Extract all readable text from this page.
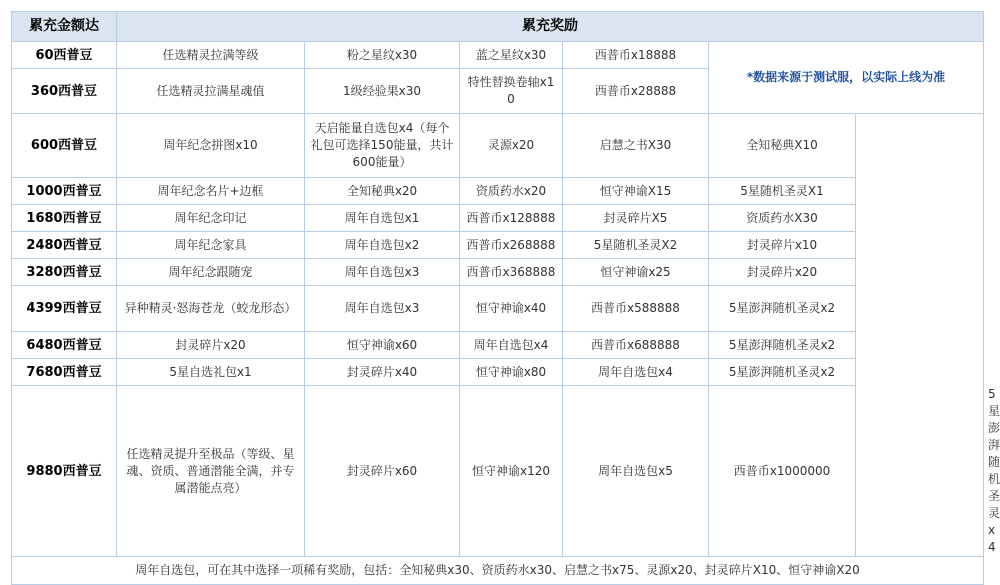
累充金额达	累充奖励						
60西普豆	任选精灵拉满等级	粉之星纹x30	蓝之星纹x30	西普币x18888	*数据来源于测试服，以实际上线为准		
360西普豆	任选精灵拉满星魂值	1级经验果x30	特性替换卷轴x10	西普币x28888			
600西普豆	周年纪念拼图x10	天启能量自选包x4（每个礼包可选择150能量，共计600能量）	灵源x20	启慧之书X30	全知秘典X10		
1000西普豆	周年纪念名片+边框	全知秘典x20	资质药水x20	恒守神谕X15	5星随机圣灵X1		
1680西普豆	周年纪念印记	周年自选包x1	西普币x128888	封灵碎片X5	资质药水X30		
2480西普豆	周年纪念家具	周年自选包x2	西普币x268888	5星随机圣灵X2	封灵碎片x10		
3280西普豆	周年纪念跟随宠	周年自选包x3	西普币x368888	恒守神谕x25	封灵碎片x20		
4399西普豆	异种精灵·怒海苍龙（蛟龙形态）	周年自选包x3	恒守神谕x40	西普币x588888	5星澎湃随机圣灵x2		
6480西普豆	封灵碎片x20	恒守神谕x60	周年自选包x4	西普币x688888	5星澎湃随机圣灵x2		
7680西普豆	5星自选礼包x1	封灵碎片x40	恒守神谕x80	周年自选包x4	5星澎湃随机圣灵x2		
9880西普豆	任选精灵提升至极品（等级、星魂、资质、普通潜能全满，并专属潜能点亮）	封灵碎片x60	恒守神谕x120	周年自选包x5	西普币x1000000		5星澎湃随机圣灵x4
周年自选包，可在其中选择一项稀有奖励，包括：全知秘典x30、资质药水x30、启慧之书x75、灵源x20、封灵碎片X10、恒守神谕X20							
